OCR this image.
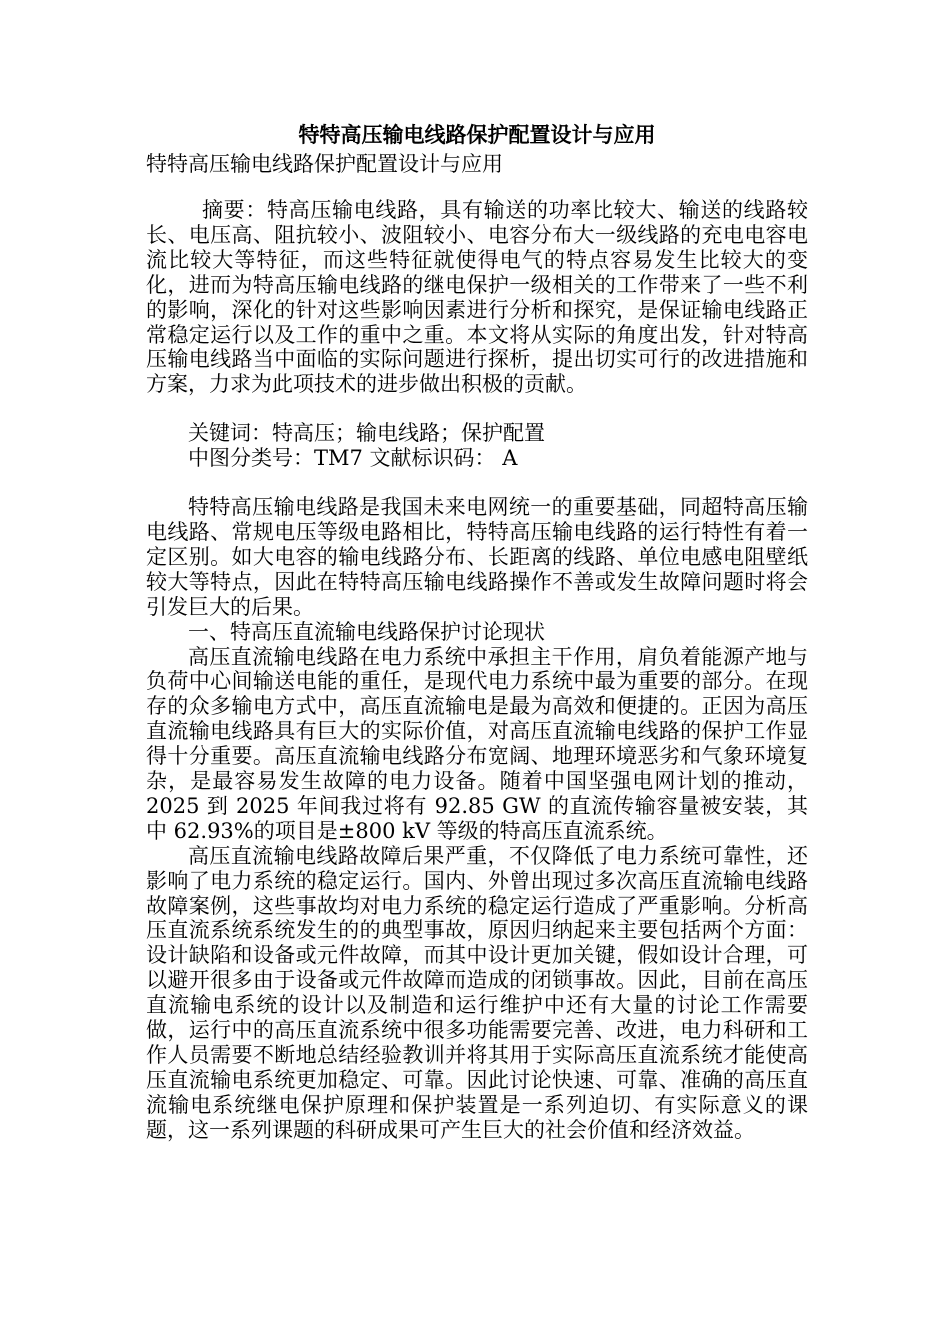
特特高压输电线路保护配置设计与应用
特特高压输电线路保护配置设计与应用

摘要：特高压输电线路，具有输送的功率比较大、输送的线路较长、电压高、阻抗较小、波阻较小、电容分布大一级线路的充电电容电流比较大等特征，而这些特征就使得电气的特点容易发生比较大的变化，进而为特高压输电线路的继电保护一级相关的工作带来了一些不利的影响，深化的针对这些影响因素进行分析和探究，是保证输电线路正常稳定运行以及工作的重中之重。本文将从实际的角度出发，针对特高压输电线路当中面临的实际问题进行探析，提出切实可行的改进措施和方案，力求为此项技术的进步做出积极的贡献。

关键词：特高压；输电线路；保护配置

中图分类号：TM7 文献标识码： A

特特高压输电线路是我国未来电网统一的重要基础，同超特高压输电线路、常规电压等级电路相比，特特高压输电线路的运行特性有着一定区别。如大电容的输电线路分布、长距离的线路、单位电感电阻壁纸较大等特点，因此在特特高压输电线路操作不善或发生故障问题时将会引发巨大的后果。

一、特高压直流输电线路保护讨论现状

高压直流输电线路在电力系统中承担主干作用，肩负着能源产地与负荷中心间输送电能的重任，是现代电力系统中最为重要的部分。在现存的众多输电方式中，高压直流输电是最为高效和便捷的。正因为高压直流输电线路具有巨大的实际价值，对高压直流输电线路的保护工作显得十分重要。高压直流输电线路分布宽阔、地理环境恶劣和气象环境复杂，是最容易发生故障的电力设备。随着中国坚强电网计划的推动，2025 到 2025 年间我过将有 92.85 GW 的直流传输容量被安装，其中 62.93%的项目是±800 kV 等级的特高压直流系统。

高压直流输电线路故障后果严重，不仅降低了电力系统可靠性，还影响了电力系统的稳定运行。国内、外曾出现过多次高压直流输电线路故障案例，这些事故均对电力系统的稳定运行造成了严重影响。分析高压直流系统系统发生的的典型事故，原因归纳起来主要包括两个方面：设计缺陷和设备或元件故障，而其中设计更加关键，假如设计合理，可以避开很多由于设备或元件故障而造成的闭锁事故。因此，目前在高压直流输电系统的设计以及制造和运行维护中还有大量的讨论工作需要做，运行中的高压直流系统中很多功能需要完善、改进，电力科研和工作人员需要不断地总结经验教训并将其用于实际高压直流系统才能使高压直流输电系统更加稳定、可靠。因此讨论快速、可靠、准确的高压直流输电系统继电保护原理和保护装置是一系列迫切、有实际意义的课题，这一系列课题的科研成果可产生巨大的社会价值和经济效益。
